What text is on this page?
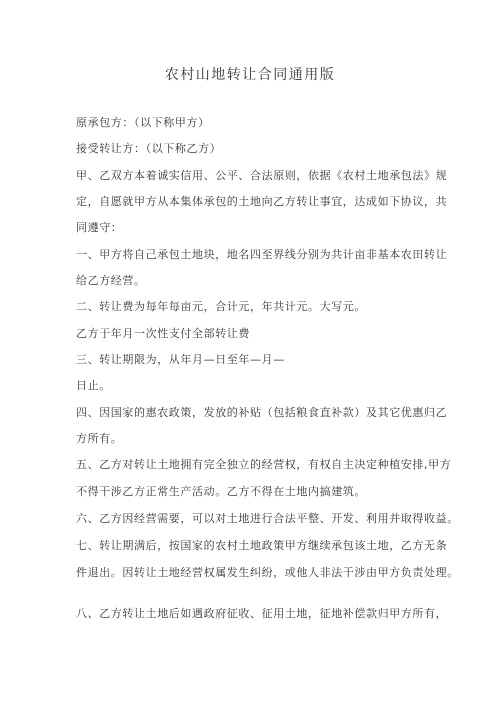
农村山地转让合同通用版
原承包方：（以下称甲方）
接受转让方：（以下称乙方）
甲、乙双方本着诚实信用、公平、合法原则，依据《农村土地承包法》规
定，自愿就甲方从本集体承包的土地向乙方转让事宜，达成如下协议，共
同遵守：
一、甲方将自己承包土地块，地名四至界线分别为共计亩非基本农田转让
给乙方经营。
二、转让费为每年每亩元，合计元，年共计元。大写元。
乙方于年月一次性支付全部转让费
三、转让期限为，从年月—日至年—月—
日止。
四、因国家的惠农政策，发放的补贴（包括粮食直补款）及其它优惠归乙
方所有。
五、乙方对转让土地拥有完全独立的经营权，有权自主决定种植安排,甲方
不得干涉乙方正常生产活动。乙方不得在土地内搞建筑。
六、乙方因经营需要，可以对土地进行合法平整、开发、利用并取得收益。
七、转让期满后，按国家的农村土地政策甲方继续承包该土地，乙方无条
件退出。因转让土地经营权属发生纠纷，或他人非法干涉由甲方负责处理。
八、乙方转让土地后如遇政府征收、征用土地，征地补偿款归甲方所有，
